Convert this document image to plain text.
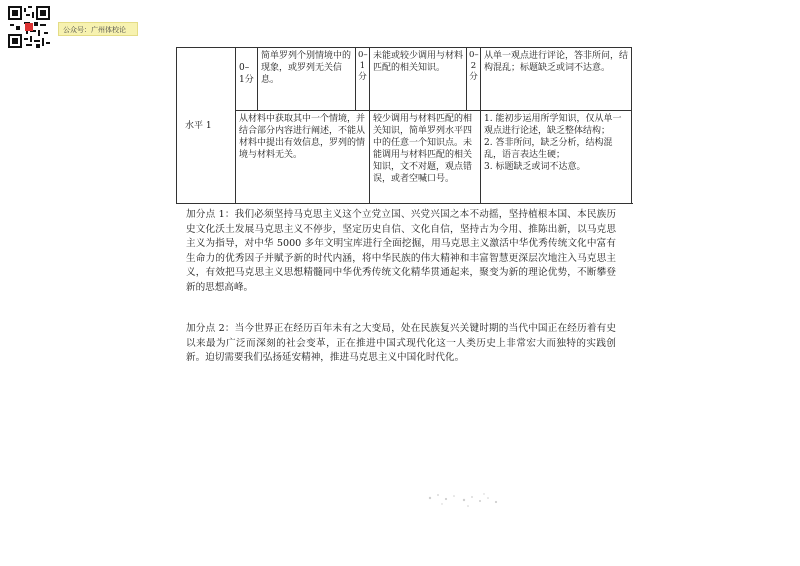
公众号：广州体校论
水平 1	0–1分	简单罗列个别情境中的现象，或罗列无关信息。	0–1分	未能或较少调用与材料匹配的相关知识。	0–2分	从单一观点进行评论，答非所问，结构混乱；标题缺乏或词不达意。
	从材料中获取其中一个情境，并结合部分内容进行阐述，不能从材料中提出有效信息，罗列的情境与材料无关。			较少调用与材料匹配的相关知识，简单罗列水平四中的任意一个知识点。未能调用与材料匹配的相关知识，文不对题，观点错误，或者空喊口号。		1. 能初步运用所学知识，仅从单一观点进行论述，缺乏整体结构；
2. 答非所问，缺乏分析，结构混乱，语言表达生硬；
3. 标题缺乏或词不达意。

加分点 1：我们必须坚持马克思主义这个立党立国、兴党兴国之本不动摇，坚持植根本国、本民族历史文化沃土发展马克思主义不停步，坚定历史自信、文化自信，坚持古为今用、推陈出新，以马克思主义为指导，对中华 5000 多年文明宝库进行全面挖掘，用马克思主义激活中华优秀传统文化中富有生命力的优秀因子并赋予新的时代内涵，将中华民族的伟大精神和丰富智慧更深层次地注入马克思主义，有效把马克思主义思想精髓同中华优秀传统文化精华贯通起来，聚变为新的理论优势，不断攀登新的思想高峰。

加分点 2：当今世界正在经历百年未有之大变局，处在民族复兴关键时期的当代中国正在经历着有史以来最为广泛而深刻的社会变革，正在推进中国式现代化这一人类历史上非常宏大而独特的实践创新。迫切需要我们弘扬延安精神，推进马克思主义中国化时代化。
